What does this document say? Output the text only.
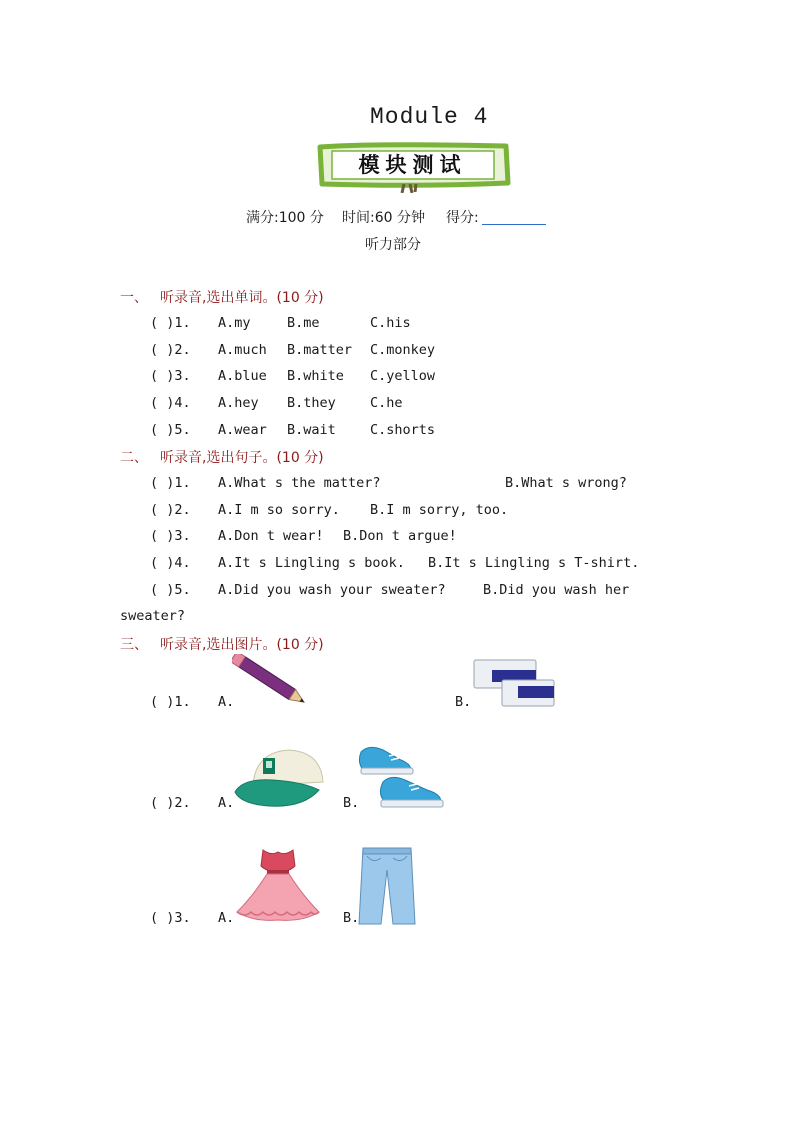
Module 4
模块测试
满分:100 分 时间:60 分钟 得分:
听力部分
一、 听录音,选出单词。(10 分)
( )1. A.my	B.me	C.his
( )2. A.much B.matter C.monkey
( )3. A.blue B.white C.yellow
( )4. A.hey B.they	C.he
( )5. A.wear B.wait	C.shorts
二、 听录音,选出句子。(10 分)
( )1. A.What s the matter?	B.What s wrong?
( )2. A.I m so sorry. B.I m sorry, too.
( )3. A.Don t wear! B.Don t argue!
( )4. A.It s Lingling s book. B.It s Lingling s T-shirt.
( )5. A.Did you wash your sweater?	B.Did you wash her
sweater?
三、 听录音,选出图片。(10 分)
( )1. A.	B.
( )2. A.	B.
( )3. A.	B.
